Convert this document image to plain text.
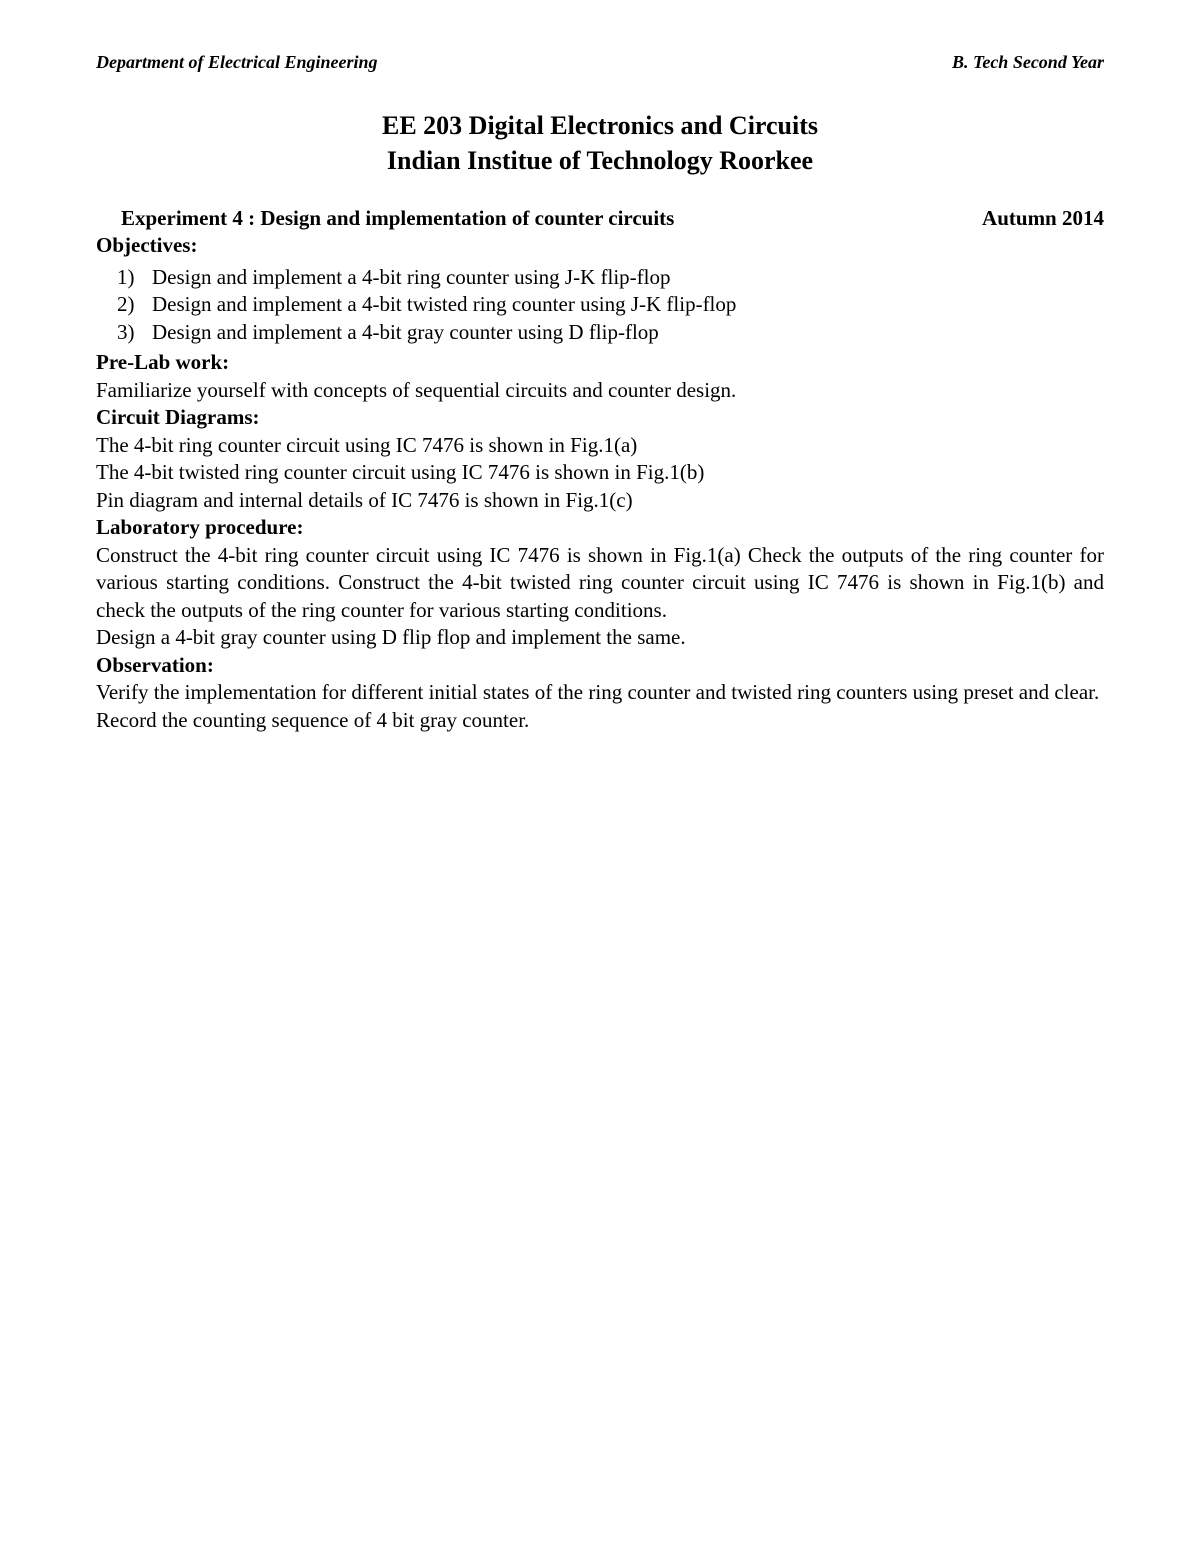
Department of Electrical Engineering	B. Tech Second Year
EE 203 Digital Electronics and Circuits
Indian Institue of Technology Roorkee
Experiment 4 : Design and implementation of counter circuits	Autumn 2014
Objectives:
1) Design and implement a 4-bit ring counter using J-K flip-flop
2) Design and implement a 4-bit twisted ring counter using J-K flip-flop
3) Design and implement a 4-bit gray counter using D flip-flop
Pre-Lab work:
Familiarize yourself with concepts of sequential circuits and counter design.
Circuit Diagrams:
The 4-bit ring counter circuit using IC 7476 is shown in Fig.1(a)
The 4-bit twisted ring counter circuit using IC 7476 is shown in Fig.1(b)
Pin diagram and internal details of IC 7476 is shown in Fig.1(c)
Laboratory procedure:
Construct the 4-bit ring counter circuit using IC 7476 is shown in Fig.1(a) Check the outputs of the ring counter for various starting conditions. Construct the 4-bit twisted ring counter circuit using IC 7476 is shown in Fig.1(b) and check the outputs of the ring counter for various starting conditions.
Design a 4-bit gray counter using D flip flop and implement the same.
Observation:
Verify the implementation for different initial states of the ring counter and twisted ring counters using preset and clear.
Record the counting sequence of 4 bit gray counter.
